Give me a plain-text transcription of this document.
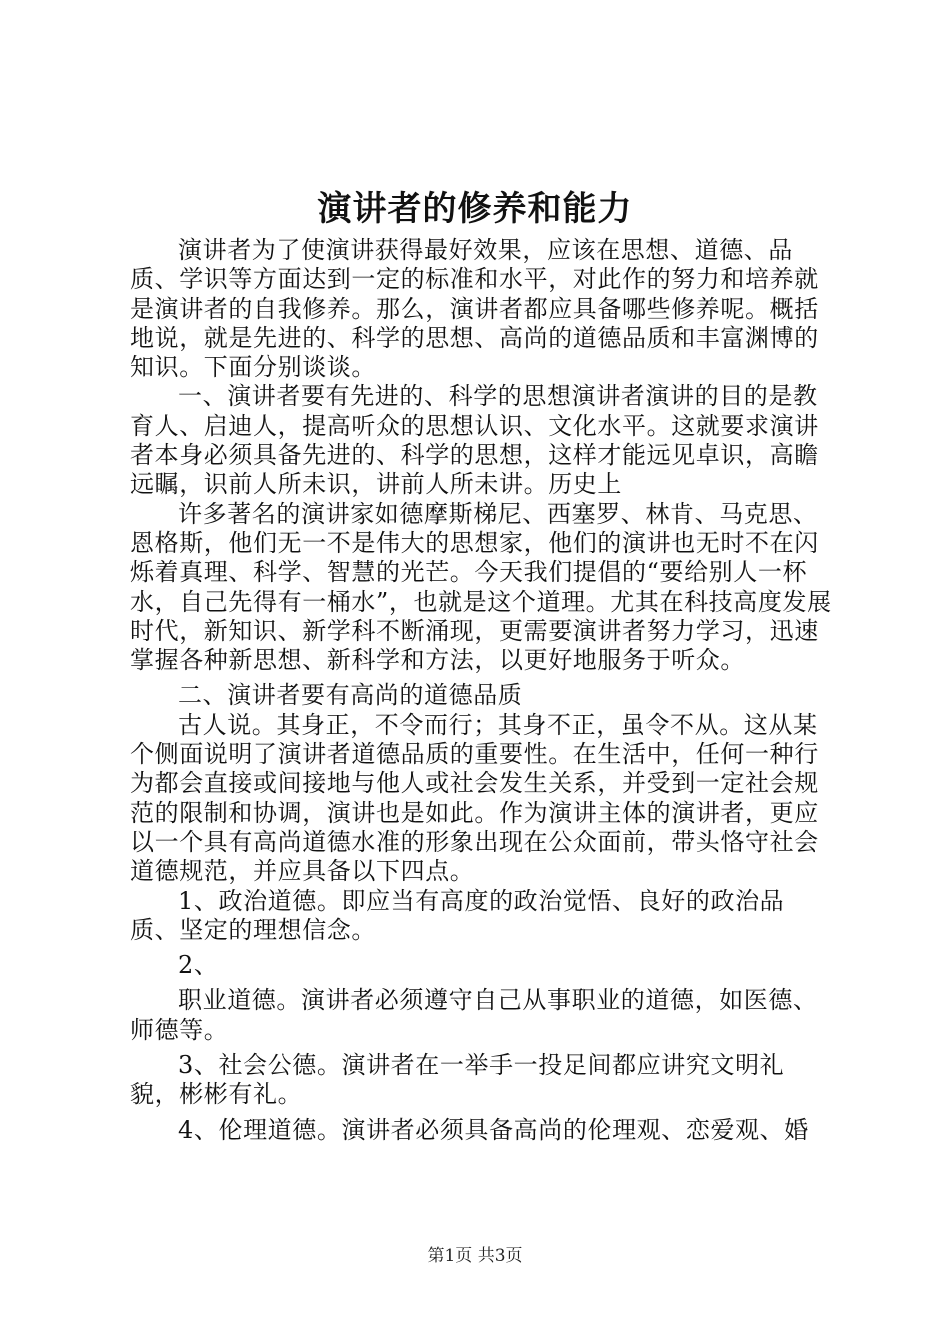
演讲者的修养和能力

演讲者为了使演讲获得最好效果，应该在思想、道德、品质、学识等方面达到一定的标准和水平，对此作的努力和培养就是演讲者的自我修养。那么，演讲者都应具备哪些修养呢。概括地说，就是先进的、科学的思想、高尚的道德品质和丰富渊博的知识。下面分别谈谈。

一、演讲者要有先进的、科学的思想演讲者演讲的目的是教育人、启迪人，提高听众的思想认识、文化水平。这就要求演讲者本身必须具备先进的、科学的思想，这样才能远见卓识，高瞻远瞩，识前人所未识，讲前人所未讲。历史上

许多著名的演讲家如德摩斯梯尼、西塞罗、林肯、马克思、恩格斯，他们无一不是伟大的思想家，他们的演讲也无时不在闪烁着真理、科学、智慧的光芒。今天我们提倡的“要给别人一杯水，自己先得有一桶水”，也就是这个道理。尤其在科技高度发展时代，新知识、新学科不断涌现，更需要演讲者努力学习，迅速掌握各种新思想、新科学和方法，以更好地服务于听众。

二、演讲者要有高尚的道德品质

古人说。其身正，不令而行；其身不正，虽令不从。这从某个侧面说明了演讲者道德品质的重要性。在生活中，任何一种行为都会直接或间接地与他人或社会发生关系，并受到一定社会规范的限制和协调，演讲也是如此。作为演讲主体的演讲者，更应以一个具有高尚道德水准的形象出现在公众面前，带头恪守社会道德规范，并应具备以下四点。

1、政治道德。即应当有高度的政治觉悟、良好的政治品质、坚定的理想信念。

2、

职业道德。演讲者必须遵守自己从事职业的道德，如医德、师德等。

3、社会公德。演讲者在一举手一投足间都应讲究文明礼貌，彬彬有礼。

4、伦理道德。演讲者必须具备高尚的伦理观、恋爱观、婚

第1页 共3页
